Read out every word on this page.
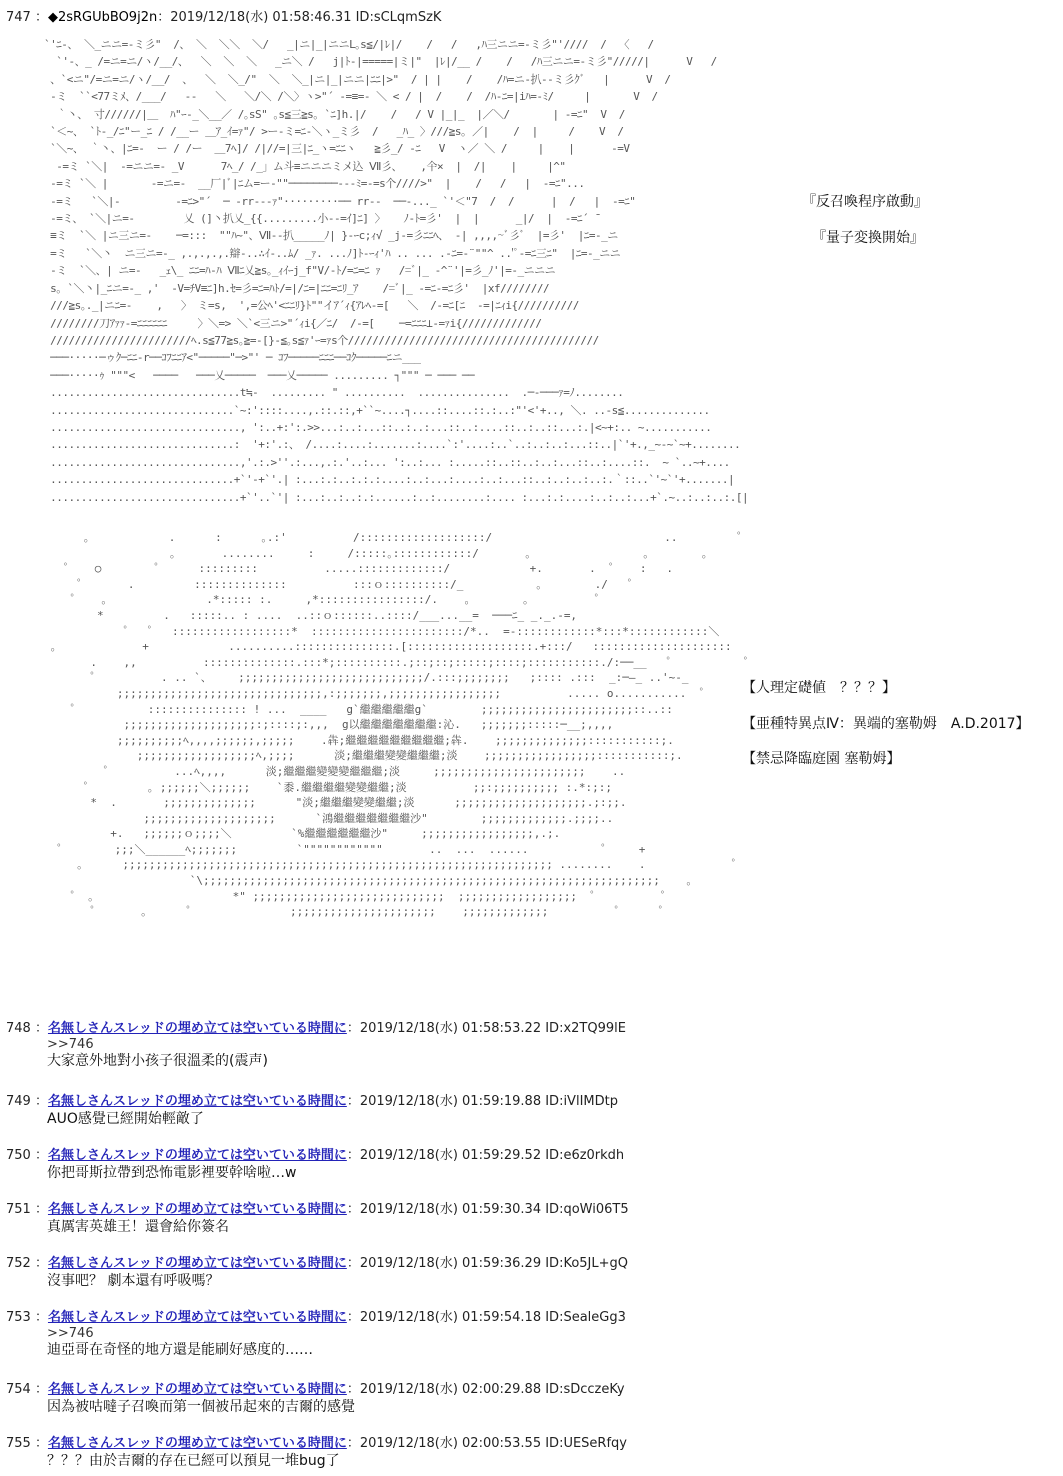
747 ：◆2sRGUbBO9j2n：2019/12/18(水) 01:58:46.31 ID:sCLqmSzK
`'ﾆ-、 ＼_ニニ=-ミ彡"  /、 ＼  ＼＼  ＼/   _|ニ|_|ニニL｡s≦/|ﾚ|/    /   /   ,ﾊ三ニニ=-ミ彡"'////  /  〈   /
`'-、_ /=ニ=ニ/ヽ/__/、  ＼  ＼  ＼   _ニ＼ /   j|ﾄ-|=====|ミ|"  |ﾚ|/__ /    /   /ﾊ三ニニ=-ミ彡"/////|      V   /
、`<ニ"/=ニ=ニ/ヽ/__/  、  ＼  ＼_/"  ＼  ＼_|ニ|_|ニニ|ﾆﾆ|>"  / | |    /    /ﾊ=ニ-扒--ミ彡ｸﾞ   |      V  /
-ミ  ``<77ミﾒ、/___/   ‐-   ＼   ＼/＼ /＼〉ヽ>"´ -=≡=- ＼ < / |  /    /  /ﾊ-ﾆ=|iﾊ=-ﾐ/     |       V  /
｀丶、 寸//////|＿  ﾊ"ｰ-_＼__／ /｡sS" ｡s≦三≧s｡ `ﾆ]h.|/    /   / V |_|_  |／＼/       | -=ﾆ"  V  /
`＜~、 `ﾄ-_/ﾆ"ー_ﾆ / /__ー ＿ｱ_ｲ=ｧ"/ >ー-ミ=ﾆ-＼ヽ_ミ彡  /   _ﾊ_ 〉///≧s｡ ／|    /  |     /    V  /
`＼~、 ｀丶、|ﾆ=-  ー / /ー  ＿7ﾍ]/ /|//=|三|ﾆ_ヽ=ﾆﾆヽ   ≧彡_/ -ﾆ   V  ヽ／ ＼ /     |    |      -=V
-=ミ `＼|  -=ニニ=- _V      7ﾍ_/ /_」ム斗≡ニニニミメ込 Ⅶ彡、   ,仐×  |  /|    |     |^"
-=ミ `＼ |       -=ニ=-  __厂|ﾞ|ﾆム=ー‐""────────---ﾐ=-=s个////>"  |    /   /   |  -=ﾆ"...
-=ミ   `＼|‐         -=ﾆ>"´  ─ -rr---ｧ"·········── rr--  ──-..._ `'＜"7  /  /      |  /   |  -=ﾆ"
-=ミ、 `＼|ニ=-        乂 (]丶扒乂_{{.........小--=ｲ]ﾆ] 〉   ﾉ-ﾄ=彡'  |  |      _|/  |  -=ﾆ´ ̄
≡ミ  `＼ |ニ三ニ=-    ─=:::  ""ﾊ~"、Ⅶ-‐扒_____ﾉ| }-ｰc;ｨ√ _j-=彡ﾆﾆﾍ、 -| ,,,,~ﾞ彡ﾞ  |=彡'  |ﾆ=-_ニ
=ミ   `＼丶  ニ三ニ=-_ ,.,.,.,.辯-..∴ｲ-..ﾑ/ _ｧ. ...ﾉ]ﾄ-ｰｨ'ﾊ .. ... .-ﾆ=-¨""^ ..'ﾟ-=ﾆ三ﾆ"  |ﾆ=-_ニニ
-ミ  `＼、| ニ=-   _ｪ\_ ﾆﾆ=ﾊ-ﾊ Ⅶﾆ乂≧s｡_ｨｲｰj_f"V/-ﾄ/=ﾆ=ﾆ ｧ   /=ﾞ|_ -^¨'|=彡_ﾉ'|=-_ニニニ
s｡ `＼丶|_ﾆニ=-_ ,'  -V=ﾁV≡ﾆ]h.ｾ=彡=ﾆ=ﾊﾄ/=|/ﾆ=|ﾆﾆ=ﾆﾘ_ｱ    /=ﾞ|_ -=ﾆ-=ﾆ彡'  |xf////////
///≧s｡._|ニﾆ=-    ,   〉 ミ=s,  ',=公ﾍ'<ﾆﾆﾘ}ﾄ""イｱ´ｨ{ｱﾚﾍ-=[   ＼  /-=ﾆ[ﾆ  -=|ﾆｨi{//////////
////////刀ｱｧｧ-=ﾆﾆﾆﾆﾆﾆ     〉＼=> ＼`<三ニ>"´ｨi{／ﾆ/  /-=[    ─=ﾆﾆﾆ⊥-=ｧi{/////////////
///////////////////////ﾍ.s≦77≧s｡≧=-[}-≦｡s≦ｧ'ｰ=ｧs个/////////////////////////////////////////
───·····─ゥｸ─ﾆﾆ-r──ｺﾌﾆﾆｱ<"─────"─>"' ─ ｺﾌ─────ﾆﾆﾆ──ｺｸ─────ﾆニ___
───·····ｩ """<   ────   ───乂─────  ───乂───── ......... ┐""" ─ ─── ──
...............................t≒-  ......... " ..........  ...............  .─-───ｧ=ﾉ........
..............................`~:'::::....,.::.::,+``~....┐....::....::.:..:"'<'+.., ＼. ..-s≦..............
..............................., ':..+:':.>>...:..:...::..:..:...::..:....::..:..::...:.|<~+:.. ~...........
..............................:  '+:'.:、 /....:....:.......:....`:'....:..`..:..:..:...::..|`'+.,_~-~`~+........
...............................,'.:.>''.:...,.:.'..:... ':..:... :.....::..::..:..:...::..:....::.  ~ `..~+....
..............................+`'-+`'.| :...:.:..:.:.:....:..:...:....:..:...::..:..:..:..:.｀::..`'~`'+.......|
...............................+`'..`'| :...:..:..:.:......:..:........:.... :...:.:....:..:..:...+`.~..:..:..:.[|
『反召喚程序啟動』
『量子変換開始』
｡            .      :      ｡.:'          /:::::::::::::::::::/                          ..         ゜
｡       ........     :     /:::::｡::::::::::::/       ｡                 ｡        ｡
゜   ○        ゜     :::::::::          .....:::::::::::::/            +.       .  ゜   :   .
゜      .         ::::::::::::::          :::ｏ::::::::::/_           ｡        ./   ゜
゜   ｡               .*::::: :.     ,*::::::::::::::::/.    ｡        ｡          ゜
*         .   :::::.. : ....  ..::ｏ::::::..::::/___...__=  ───ﾆ_ _._.-=,
゜  ゜  ::::::::::::::::::*  :::::::::::::::::::::::/*..  =-::::::::::::*:::*::::::::::::＼
｡             +            ..........:::::::::::::::.[:::::::::::::::::::.+:::/   :::::::::::::::::::::
.    ,,          ::::::::::::::.:::*;::::::::::.;::;::;:::::;::::;:::::::::::./:──__   ゜          ゜
゜         . .. `、    ;;;;;;;;;;;;;;;;;;;;;;;;;;;;/.:::;;;;;;;;   ;:::: .:::  _:─—_ ..'~-_
;;;;;;;;;;;;;;;;;;;;;;;;;;;;;;;,:;;;;;;;,;;;;;;;;;;;;;;;;;          ..... o...........  ゜
゜          ::::::::::::::: ! ...  ____   g`繼繼繼繼繼g`        ;;;;;;;;;;;;;;;;;;;;;;;::..::
;;;;;;;;;;;;;;;;;;;;:;::::;:,,,  g以繼繼繼繼繼繼繼:沁.   ;;;;;;;:::::─__;,,,,
;;;;;;;;;;ﾍ,,,,;;;;;;,;;;;;    .犇;繼繼繼繼繼繼繼繼繼;犇.    ;;;;;;;;;;;;;;:::::::::::;.
;;;;;;;;;;;;;;;;;;ﾍ,;;;;      淡;繼繼繼變變繼繼繼;淡    ;;;;;;;;;;;;;;;;;:::::::::::;.
゜         ...ﾍ,,,,      淡;繼繼繼變變變繼繼繼;淡     ;;;;;;;;;;;;;;;;;;;;;;;    ..
゜        ｡ ;;;;;;＼;;;;;;    `黍.繼繼繼繼變變繼繼;淡          ;;:;;;;;;;;;; :.*:;:;
*  .       ;;;;;;;;;;;;;;      "淡;繼繼繼變變繼繼;淡      ;;;;;;;;;;;;;;;;;;;;.;:;;.
;;;;;;;;;;;;;;;;;;;;      `鴻繼繼繼繼繼繼繼沙"        ;;;;;;;;;;;;;.;;;;..
+.   ;;;;;;ｏ;;;;＼         `%繼繼繼繼繼繼沙"     ;;;;;;;;;;;;;;;;;,.;.
゜       ;;;＼______ﾍ;;;;;;;         `""""""""""""       ..  ...  ......           ゜    +
｡      ;;;;;;;;;;;;;;;;;;;;;;;;;;;;;;;;;;;;;;;;;;;;;;;;;;;;;;;;;;;;;;;;; ........    .             ゜
`\;;;;;;;;;;;;;;;;;;;;;;;;;;;;;;;;;;;;;;;;;;;;;;;;;;;;;;;;;;;;;;;;;;;;;    ｡
゜ ｡                     *" ;;;;;;;;;;;;;;;;;;;;;;;;;;;;;  ;;;;;;;;;;;;;;;;;;  ゜         ゜
゜      ｡      ゜              ;;;;;;;;;;;;;;;;;;;;;;    ;;;;;;;;;;;;;          ゜     ゜
【人理定礎値　？？？】
【亜種特異点Ⅳ：異端的塞勒姆　A.D.2017】
【禁忌降臨庭園 塞勒姆】
748 ：名無しさんスレッドの埋め立ては空いている時間に：2019/12/18(水) 01:58:53.22 ID:x2TQ99lE
>>746
大家意外地對小孩子很溫柔的(震声)
749 ：名無しさんスレッドの埋め立ては空いている時間に：2019/12/18(水) 01:59:19.88 ID:iVlIMDtp
AUO感覺已經開始輕敵了
750 ：名無しさんスレッドの埋め立ては空いている時間に：2019/12/18(水) 01:59:29.52 ID:e6z0rkdh
你把哥斯拉帶到恐怖電影裡要幹啥啦…w
751 ：名無しさんスレッドの埋め立ては空いている時間に：2019/12/18(水) 01:59:30.34 ID:qoWi06T5
真厲害英雄王！還會給你簽名
752 ：名無しさんスレッドの埋め立ては空いている時間に：2019/12/18(水) 01:59:36.29 ID:Ko5JL+gQ
沒事吧？ 劇本還有呼吸嗎？
753 ：名無しさんスレッドの埋め立ては空いている時間に：2019/12/18(水) 01:59:54.18 ID:SealeGg3
>>746
迪亞哥在奇怪的地方還是能刷好感度的……
754 ：名無しさんスレッドの埋め立ては空いている時間に：2019/12/18(水) 02:00:29.88 ID:sDcczeKy
因為被咕噠子召喚而第一個被吊起來的吉爾的感覺
755 ：名無しさんスレッドの埋め立ては空いている時間に：2019/12/18(水) 02:00:53.55 ID:UESeRfqy
？？？由於吉爾的存在已經可以預見一堆bug了
